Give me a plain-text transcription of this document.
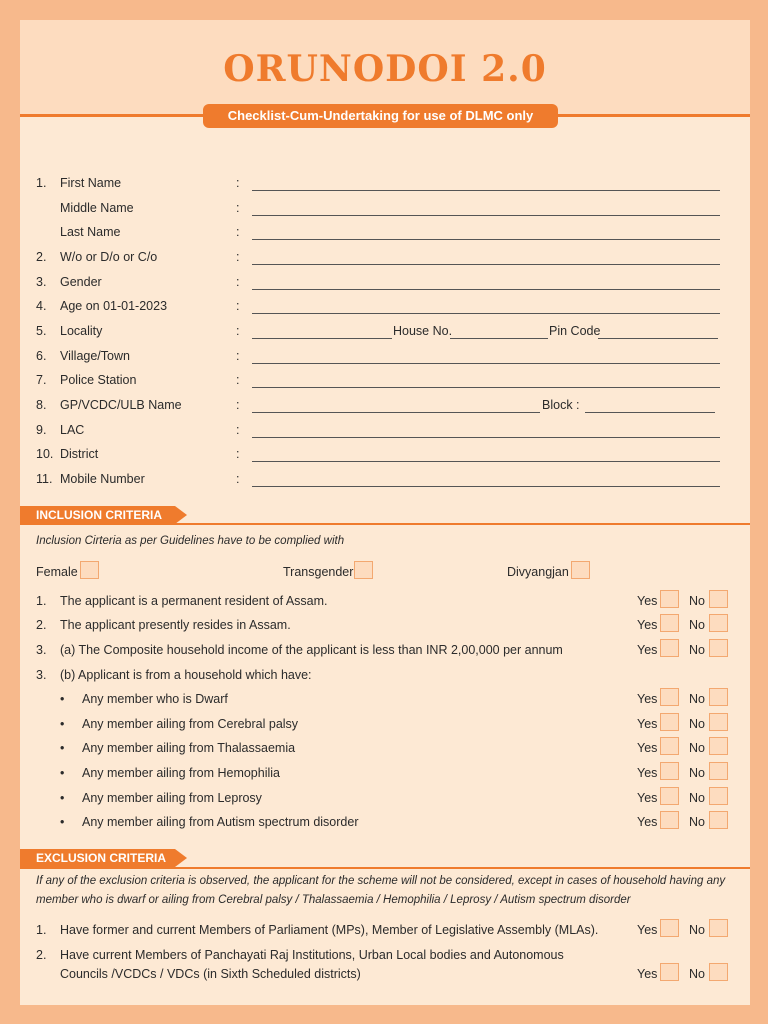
ORUNODOI 2.0
Checklist-Cum-Undertaking for use of DLMC only
1. First Name	:
Middle Name	:
Last Name	:
2. W/o or D/o or C/o	:
3. Gender	:
4. Age on 01-01-2023	:
5. Locality	:	House No.	Pin Code
6. Village/Town	:
7. Police Station	:
8. GP/VCDC/ULB Name	:	Block :
9. LAC	:
10. District	:
11. Mobile Number	:
INCLUSION CRITERIA
Inclusion Cirteria as per Guidelines have to be complied with
Female	Transgender	Divyangjan
1. The applicant is a permanent resident of Assam.	Yes	No
2. The applicant presently resides in Assam.	Yes	No
3. (a) The Composite household income of the applicant is less than INR 2,00,000 per annum	Yes	No
3. (b) Applicant is from a household which have:
• Any member who is Dwarf	Yes	No
• Any member ailing from Cerebral palsy	Yes	No
• Any member ailing from Thalassaemia	Yes	No
• Any member ailing from Hemophilia	Yes	No
• Any member ailing from Leprosy	Yes	No
• Any member ailing from Autism spectrum disorder	Yes	No
EXCLUSION CRITERIA
If any of the exclusion criteria is observed, the applicant for the scheme will not be considered, except in cases of household having any
member who is dwarf or ailing from Cerebral palsy / Thalassaemia / Hemophilia / Leprosy / Autism spectrum disorder
1. Have former and current Members of Parliament (MPs), Member of Legislative Assembly (MLAs).	Yes	No
2. Have current Members of Panchayati Raj Institutions, Urban Local bodies and Autonomous
Councils /VCDCs / VDCs (in Sixth Scheduled districts)	Yes	No
